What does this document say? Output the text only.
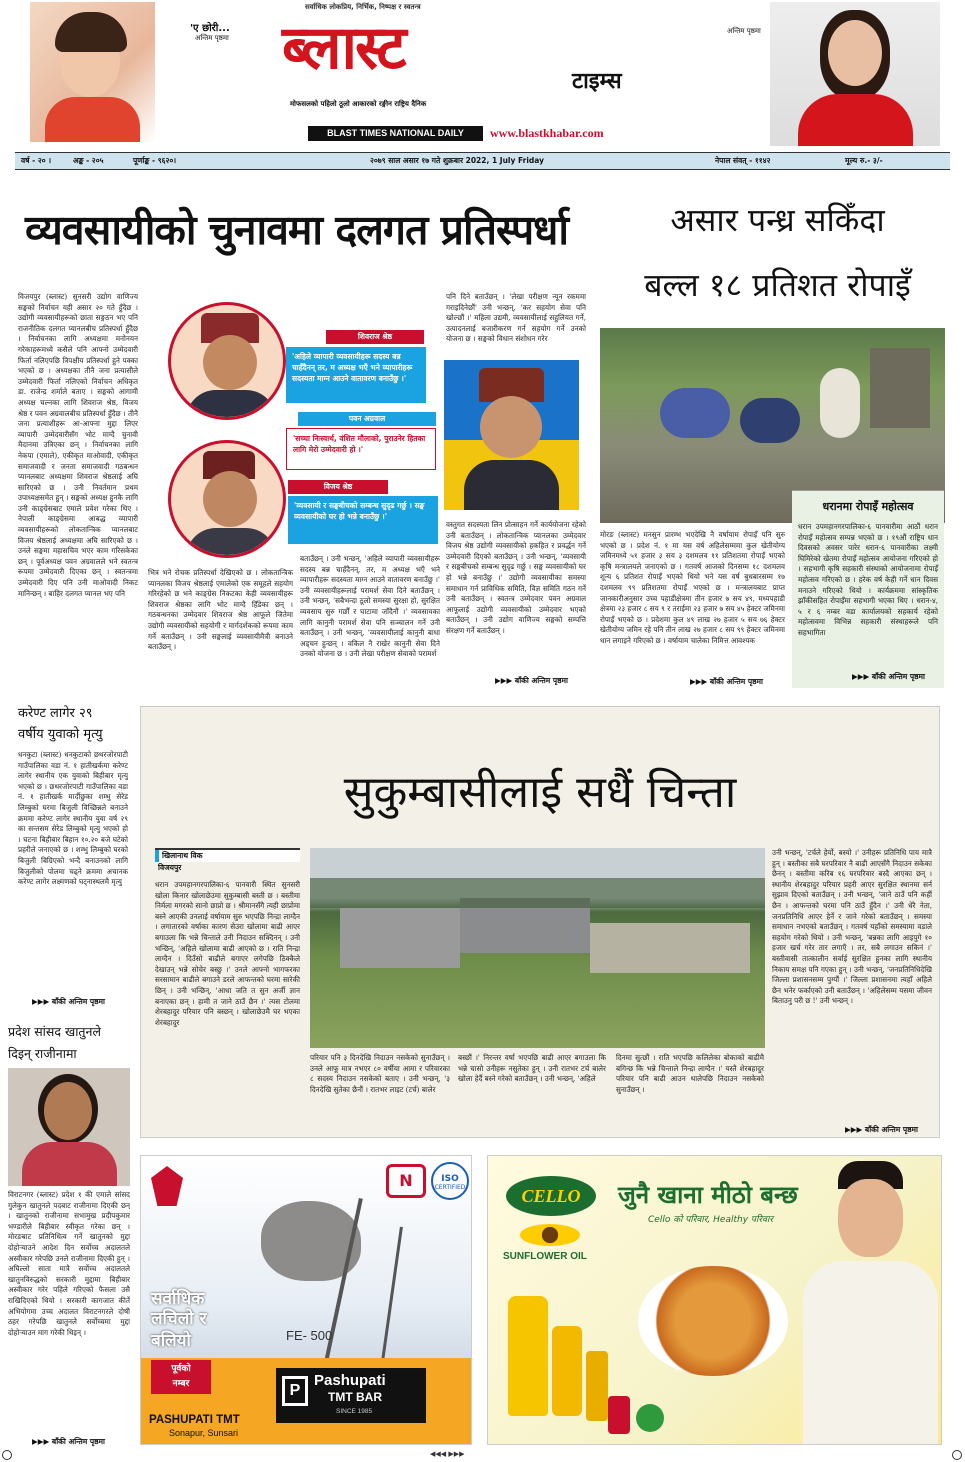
'ए छोरी...
अन्तिम पृष्ठमा
सर्वाधिक लोकप्रिय, निर्भिक, निष्पक्ष र स्वतन्त्र
ब्लास्ट	टाइम्स
मोफसलको पहिलो ठूलो आकारको रङ्गीन राष्ट्रिय दैनिक
BLAST TIMES NATIONAL DAILY	www.blastkhabar.com
अन्तिम पृष्ठमा
वर्ष - २० ।	अङ्क - २०५	पूर्णाङ्क - ९६२०।	२०७९ साल असार १७ गते शुक्रबार 2022, 1 July Friday	नेपाल संवत् - ११४२	मूल्य रु.- ३/-
व्यवसायीको चुनावमा दलगत प्रतिस्पर्धा
विजयपुर (ब्लास्ट) सुनसरी उद्योग वाणिज्य सङ्घको निर्वाचन यही असार २० गते हुँदैछ । उद्योगी व्यवसायीहरूको छाता सङ्गठन भए पनि राजनीतिक दलगत प्यानलबीच प्रतिस्पर्धा हुँदैछ । निर्वाचनका लागि अध्यक्षमा मनोनयन गरेकाहरूमध्ये कसैले पनि आफ्नो उम्मेदवारी फिर्ता नलिएपछि त्रिपक्षीय प्रतिस्पर्धा हुने पक्का भएको छ । अध्यक्षका तीनै जना प्रत्यासीले उम्मेदवारी फिर्ता नलिएको निर्वाचन अधिकृत डा. राजेन्द्र शर्माले बताए । सङ्घको आगामी अध्यक्ष चल्नका लागि शिवराज श्रेष्ठ, विजय श्रेष्ठ र पवन अग्रवालबीच प्रतिस्पर्धा हुँदैछ । तीनै जना प्रत्याशीहरू आ-आफ्ना मुद्दा लिएर व्यापारी उम्मेदवारीसँग भोट माग्दै चुनावी मैदानमा उत्रिएका छन् । निर्वाचनका लागि नेकपा (एमाले), एकीकृत माओवादी, एकीकृत समाजवादी र जनता समाजवादी गठबन्धन प्यानलबाट अध्यक्षमा शिवराज श्रेष्ठलाई अघि सारिएको छ । उनी निवर्तमान प्रथम उपाध्यक्षसमेत हुन् । सङ्घको अध्यक्ष हुनकै लागि उनी काङ्ग्रेसबाट एमाले प्रवेश गरेका थिए । नेपाली काङ्ग्रेसमा आबद्ध व्यापारी व्यवसायीहरूको लोकतान्त्रिक प्यानलबाट विजय श्रेष्ठलाई अध्यक्षमा अघि सारिएको छ । उनले सङ्घमा महासचिव भएर काम गरिसकेका छन् । पूर्वअध्यक्ष पवन अग्रवालले भने स्वतन्त्र रूपमा उम्मेदवारी दिएका छन् । स्वतन्त्रमा उम्मेदवारी दिए पनि उनी माओवादी निकट मानिन्छन् । बाहिर दलगत प्यानल भए पनि
भित्र भने रोचक प्रतिस्पर्धा देखिएको छ । लोकतान्त्रिक प्यानलका विजय श्रेष्ठलाई एमालेको एक समूहले सहयोग गरिरहेको छ भने काङ्ग्रेस निकटका केही व्यवसायीहरू शिवराज श्रेष्ठका लागि भोट माग्दै हिँडेका छन् । गठबन्धनका उम्मेदवार शिवराज श्रेष्ठ आफूले जितेमा उद्योगी व्यवसायीको सहयोगी र मार्गदर्शकको रूपमा काम गर्ने बताउँछन् । उनी सङ्घलाई व्यवसायीमैत्री बनाउने बताउँछन् ।
बताउँछन् । उनी भन्छन्, 'अहिले व्यापारी व्यवसायीहरू सदस्य बन्न चाहँदैनन्, तर, म अध्यक्ष भएँ भने व्यापारीहरू सदस्यता माग्न आउने वातावरण बनाउँछु ।' उनी व्यवसायीहरूलाई परामर्श सेवा दिने बताउँछन् । उनी भन्छन्, 'सबैभन्दा ठूलो समस्या सुरक्षा हो, सुरक्षित व्यवसाय सुरु गर्छौं र घाटामा जाँदैनौं ।' व्यवसायका लागि कानुनी परामर्श सेवा पनि सञ्चालन गर्ने उनी बताउँछन् । उनी भन्छन्, 'व्यवसायीलाई कानुनी बाधा अड्चन हुन्छन् । वकिल नै राखेर कानुनी सेवा दिने उनको योजना छ । उनी लेखा परीक्षण सेवाको परामर्श
पनि दिने बताउँछन् । 'लेखा परीक्षण न्यून रकममा गराइदिनेछौं' उनी भन्छन्, 'कर सहयोग सेवा पनि खोल्छौं ।' महिला उद्यमी, व्यवसायीलाई सहुलियत गर्ने, उत्पादनलाई बजारीकरण गर्न सहयोग गर्ने उनको योजना छ । सङ्घको विधान संशोधन गरेर
वस्तुगत सदस्यता लिन प्रोत्साहन गर्ने कार्ययोजना रहेको उनी बताउँछन् । लोकतान्त्रिक प्यानलका उम्मेदवार विजय श्रेष्ठ उद्योगी व्यवसायीको हकहित र प्रवर्द्धन गर्ने उम्मेदवारी दिएको बताउँछन् । उनी भन्छन्, 'व्यवसायी र सङ्घबीचको सम्बन्ध सुदृढ गर्छु । सङ्घ व्यवसायीको घर हो भन्ने बनाउँछु ।' उद्योगी व्यवसायीका समस्या समाधान गर्न प्राविधिक समिति, विज्ञ समिति गठन गर्ने उनी बताउँछन् । स्वतन्त्र उम्मेदवार पवन अग्रवाल आफूलाई उद्योगी व्यवसायीको उम्मेदवार भएको बताउँछन् । उनी उद्योग वाणिज्य सङ्घको सम्पत्ति संरक्षण गर्ने बताउँछन् ।
▶▶▶ बाँकी अन्तिम पृष्ठमा
शिवराज श्रेष्ठ
'अहिले व्यापारी व्यवसायीहरू सदस्य बन्न चाहँदैनन् तर, म अध्यक्ष भएँ भने व्यापारीहरू सदस्यता माग्न आउने वातावरण बनाउँछु ।'
पवन अग्रवाल
'सच्चा निःस्वार्थ, वंशित मौलाको, पुराउनेर हितका लागि मेरो उम्मेदवारी हो ।'
विजय श्रेष्ठ
'व्यवसायी र सङ्घबीचको सम्बन्ध सुदृढ गर्छु । सङ्घ व्यवसायीको घर हो भन्ने बनाउँछु ।'
असार पन्ध्र सकिँदा
बल्ल १८ प्रतिशत रोपाइँ
मोरङ (ब्लास्ट) मनसुन प्रारम्भ भएदेखि नै वर्षायाम रोपाइँ पनि सुरु भएको छ । प्रदेश नं. १ मा यस वर्ष अहिलेसम्ममा कुल खेतीयोग्य जमिनमध्ये ५१ हजार ३ सय ३ दशमलव ११ प्रतिशतमा रोपाइँ भएको कृषि मन्त्रालयले जनाएको छ । गतवर्ष आजको दिनसम्म १८ दशमलव शून्य ६ प्रतिशत रोपाइँ भएको थियो भने यस वर्ष बुधबारसम्म १७ दशमलव ९९ प्रतिशतमा रोपाइँ भएको छ । मन्त्रालयबाट प्राप्त जानकारीअनुसार उच्च पहाडीक्षेत्रमा तीन हजार ७ सय ४९, मध्यपहाडी क्षेत्रमा २३ हजार ८ सय ९ र तराईमा २३ हजार ७ सय ४५ हेक्टर जमिनमा रोपाइँ भएको छ । प्रदेशमा कुल ४९ लाख २७ हजार ५ सय ७६ हेक्टर खेतीयोग्य जमिन रहे पनि तीन लाख २७ हजार ८ सय ९९ हेक्टर जमिनमा धान लगाइने गरिएको छ । वर्षायाम चालेका निमित्त आवश्यक
▶▶▶ बाँकी अन्तिम पृष्ठमा
धरानमा रोपाइँ महोत्सव
धरान उपमहानगरपालिका-६ पानवारीमा आठौं धरान रोपाइँ महोत्सव सम्पन्न भएको छ । १९औं राष्ट्रिय धान दिवसको अवसर पारेर धरान-६ पानवारीका लक्ष्मी घिमिरेको खेतमा रोपाइँ महोत्सव आयोजना गरिएको हो । सहभागी कृषि सहकारी संस्थाको आयोजनामा रोपाइँ महोत्सव गरिएको छ । हरेक वर्ष केही गर्ने धान दिवस मनाउने गरिएको थियो । कार्यक्रममा सांस्कृतिक झाँकीसहित रोपाइँमा सहभागी भएका थिए । धरान-४, ५ र ६ नम्बर वडा कार्यालयको सहकार्य रहेको महोत्सवमा विभिन्न सहकारी संस्थाहरूले पनि सहभागिता
▶▶▶ बाँकी अन्तिम पृष्ठमा
करेण्ट लागेर २९
वर्षीय युवाको मृत्यु
धनकुटा (ब्लास्ट) धनकुटाको छथरजोरपाटी गाउँपालिका वडा नं. १ हातीखर्कमा करेण्ट लागेर स्थानीय एक युवाको बिहीबार मृत्यु भएको छ । छथरजोरपाटी गाउँपालिका वडा नं. १ हातीखर्क मार्दीछुका शम्भु सेरेड लिम्बुको घरमा बिजुली विच्छिन्नले बनाउने क्रममा करेण्ट लागेर स्थानीय युवा वर्ष २९ का सन्तसम सेरेड लिम्बुको मृत्यु भएको हो । घटना बिहीबार बिहान १०.२० बजे घटेको प्रहरीले जनाएको छ । शम्भु लिम्बुको घरको बिजुली बिग्रिएको भन्दै बनाउनको लागि बिजुलीको पोलमा चढ्ने क्रममा अचानक करेण्ट लागेर लक्ष्मणको घट्नास्थलमै मृत्यु
▶▶▶ बाँकी अन्तिम पृष्ठमा
प्रदेश सांसद खातुनले
दिइन् राजीनामा
विराटनगर (ब्लास्ट) प्रदेश १ की एमाले सांसद गुलेकुन खातुनले पदबाट राजीनामा दिएकी छन् । खातुनको राजीनामा सभामुख प्रदीपकुमार भण्डारीले बिहीबार स्वीकृत गरेका छन् । मोरङबाट प्रतिनिधित्व गर्ने खातुनको मुद्दा दोहोर्‍याउने आदेश दिन सर्वोच्च अदालतले अस्वीकार गरेपछि उनले राजीनामा दिएकी हुन् । अघिल्लो साता मात्रै सर्वोच्च अदालतले खातुनविरुद्धको सरकारी मुद्दामा बिहीबार अस्वीकार गरेर पहिले गरिएको फैसला उसै राखिदिएको थियो । सरकारी कागजात कीर्ते अभियोगमा उच्च अदालत विराटनगरले दोषी ठहर गरेपछि खातुनले सर्वोच्चमा मुद्दा दोहोर्‍याउन माग गरेकी थिइन् ।
▶▶▶ बाँकी अन्तिम पृष्ठमा
सुकुम्बासीलाई सधैं चिन्ता
खिलानाथ विक
विजयपुर
धरान उपमहानगरपालिका-६ पानवारी स्थित सुनसरी खोला किनार खोलाछेउमा सुकुम्बासी बस्ती छ । बस्तीमा निर्मला मगरको सानो छाप्रो छ । श्रीमानसँगै त्यही छाप्रोमा बस्ने आएकी उनलाई वर्षायाम सुरु भएपछि निन्द्रा लाग्दैन । लगातारको वर्षाका कारण सेउरा खोलामा बाढी आएर बगाउला कि भन्ने चिन्ताले उनी निदाउन सक्दिनन् । उनी भन्छिन्, 'अहिले खोलामा बाढी आएको छ । राति निन्द्रा लाग्दैन । दिउँसो बाढीले बगाएर लगेपछि ठिक्कैले देखाउन् भन्ने सोचेर बस्छु ।' उनले आफ्नो भागफरका सरसामान बाढीले बगाउने डरले आफन्तको घरमा सारेकी छिन् । उनी भन्छिन्, 'आधा जति त सुन अर्जी ज्ञान बनाएका छन् । हामी त जाने ठाउँ छैन ।' त्यस टोलमा शेरबहादुर परियार पनि बस्छन् । खोलाछेउमै घर भएका शेरबहादुर
परियार पनि ३ दिनदेखि निदाउन नसकेको सुनाउँछन् । उनले आफू मात्र नभएर ८० वर्षीया आमा र परिवारका ८ सदस्य निदाउन नसकेको बताए । उनी भन्छन्, '३ दिनदेखि सुतेका छैनौं । रातभर लाइट (टर्च) बालेर
बस्छौं ।' निरन्तर वर्षा भएपछि बाढी आएर बगाउला कि भन्ने चासो उनीहरू नसुतेका हुन् । उनी रातभर टर्च बालेर खोला हेर्दै बस्ने गरेको बताउँछन् । उनी भन्छन्, 'अहिले
दिनमा सुत्छौं । राति भएपछि कलिलेका बोकाको बाढीमै बगिन्छ कि भन्ने चिन्ताले निन्द्रा लाग्दैन ।' यस्तै शेरबहादुर परियार पनि बाढी आउन थालेपछि निदाउन नसकेको सुनाउँछन् ।
उनी भन्छन्, 'टर्चले हेर्यो, बस्यो ।' उनीहरू प्रतिनिधि पाय मात्रै हुन् । बस्तीका सबै घरपरिवार नै बाढी आएसँगै निदाउन सकेका छैनन् । बस्तीमा करिब १६ घरपरिवार बस्दै आएका छन् । स्थानीय शेरबहादुर परियार प्रहरी आएर सुरक्षित स्थानमा सर्न सुझाव दिएको बताउँछन् । उनी भन्छन्, 'जाने ठाउँ पनि कहीं छैन । आफन्तको घरमा पनि ठाउँ हुँदैन ।' उनी धेरै नेता, जनप्रतिनिधि आएर हेर्ने र जाने गरेको बताउँछन् । समस्या समाधान नभएको बताउँछन् । गतवर्ष यहाँको समस्यामा वडाले सहयोग गरेको थियो । उनी भन्छन्, 'बन्नका लागि आइपुगे १० हजार खर्च गरेर तार लगाएँ । तर, सबै लगाउन सकिनं ।' बस्तीवासी तात्कालीन सर्वाई सुरक्षित हुनका लागि स्थानीय निकाय समक्ष पनि गएका हुन् । उनी भन्छन्, 'जनप्रतिनिधिदेखि जिल्ला प्रशासनसम्म पुग्यौं ।' जिल्ला प्रशासनमा त्यहाँ अहिले छैन भनेर फर्काएको उनी बताउँछन् । 'अहिलेसम्म यसमा जीवन बिताउनु परी छ !' उनी भन्छन् ।
▶▶▶ बाँकी अन्तिम पृष्ठमा
N	ISO
CERTIFIED
सर्वाधिक
लचिलो र
बलियो	FE- 500
पूर्वको
नम्बर	P
Pashupati
TMT BAR
SINCE 1985
PASHUPATI TMT
Sonapur, Sunsari
CELLO
SUNFLOWER OIL
जुनै खाना मीठो बन्छ
Cello को परिवार, Healthy परिवार
◀◀◀ ▶▶▶
